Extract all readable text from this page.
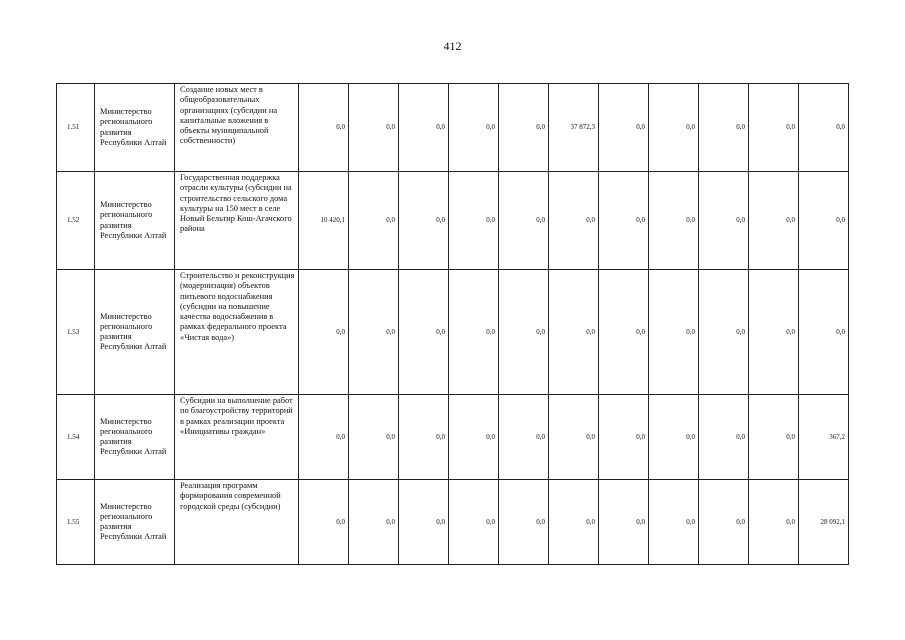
412
1.51	Министерство регионального развития Республики Алтай	Создание новых мест в общеобразовательных организациях (субсидии на капитальные вложения в объекты муниципальной собственности)	0,0	0,0	0,0	0,0	0,0	37 872,3	0,0	0,0	0,0	0,0	0,0
1.52	Министерство регионального развития Республики Алтай	Государственная поддержка отрасли культуры (субсидии на строительство сельского дома культуры на 150 мест в селе Новый Бельтир Кош-Агачского района	10 420,1	0,0	0,0	0,0	0,0	0,0	0,0	0,0	0,0	0,0	0,0
1.53	Министерство регионального развития Республики Алтай	Строительство и реконструкция (модернизация) объектов питьевого водоснабжения (субсидии на повышение качества водоснабжения в рамках федерального проекта «Чистая вода»)	0,0	0,0	0,0	0,0	0,0	0,0	0,0	0,0	0,0	0,0	0,0
1.54	Министерство регионального развития Республики Алтай	Субсидии на выполнение работ по благоустройству территорий в рамках реализации проекта «Инициативы граждан»	0,0	0,0	0,0	0,0	0,0	0,0	0,0	0,0	0,0	0,0	367,2
1.55	Министерство регионального развития Республики Алтай	Реализация программ формирования современной городской среды (субсидии)	0,0	0,0	0,0	0,0	0,0	0,0	0,0	0,0	0,0	0,0	28 092,1
